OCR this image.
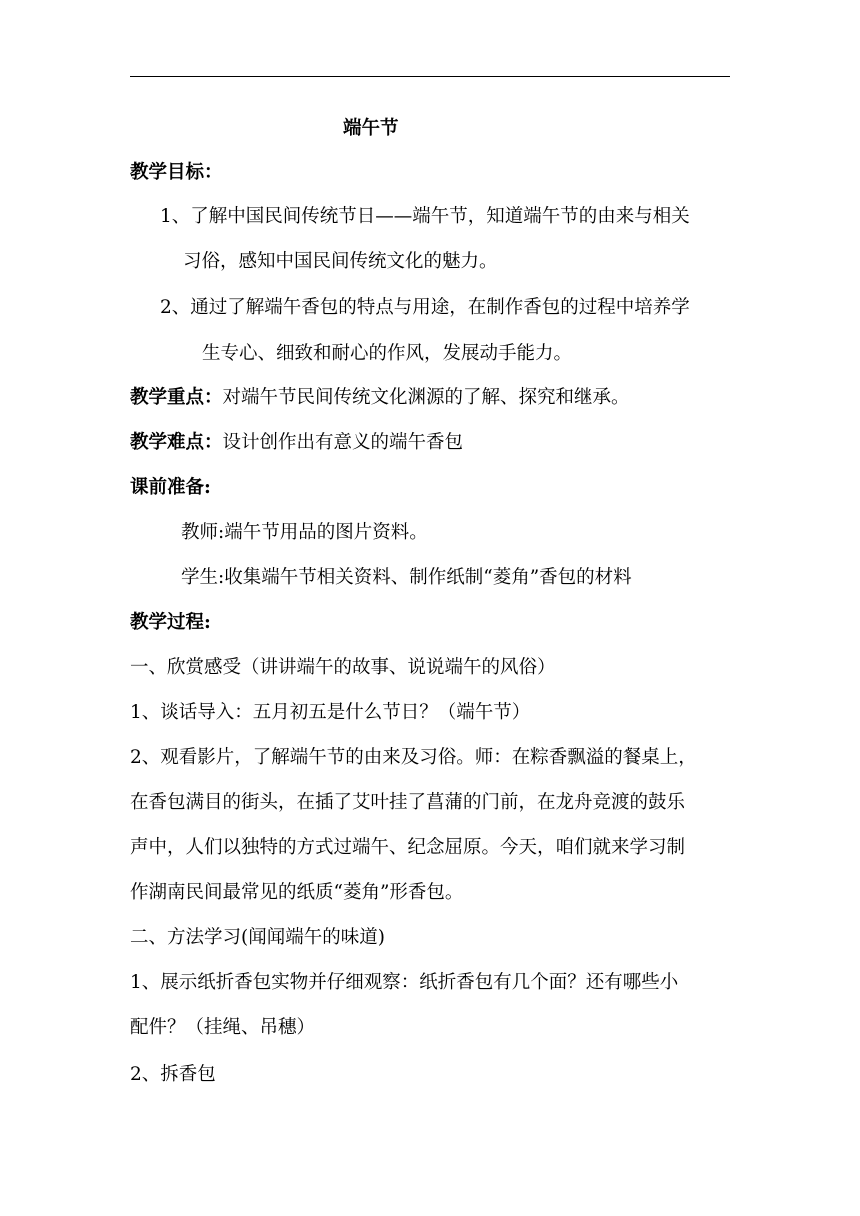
端午节
教学目标：
1、了解中国民间传统节日——端午节，知道端午节的由来与相关
习俗，感知中国民间传统文化的魅力。
2、通过了解端午香包的特点与用途，在制作香包的过程中培养学
生专心、细致和耐心的作风，发展动手能力。
教学重点：对端午节民间传统文化渊源的了解、探究和继承。
教学难点：设计创作出有意义的端午香包
课前准备:
教师:端午节用品的图片资料。
学生:收集端午节相关资料、制作纸制“菱角”香包的材料
教学过程:
一、欣赏感受（讲讲端午的故事、说说端午的风俗）
1、谈话导入：五月初五是什么节日？（端午节）
2、观看影片，了解端午节的由来及习俗。师：在粽香飘溢的餐桌上，
在香包满目的街头，在插了艾叶挂了菖蒲的门前，在龙舟竞渡的鼓乐
声中，人们以独特的方式过端午、纪念屈原。今天，咱们就来学习制
作湖南民间最常见的纸质“菱角”形香包。
二、方法学习(闻闻端午的味道)
1、展示纸折香包实物并仔细观察：纸折香包有几个面？还有哪些小
配件？（挂绳、吊穗）
2、拆香包
